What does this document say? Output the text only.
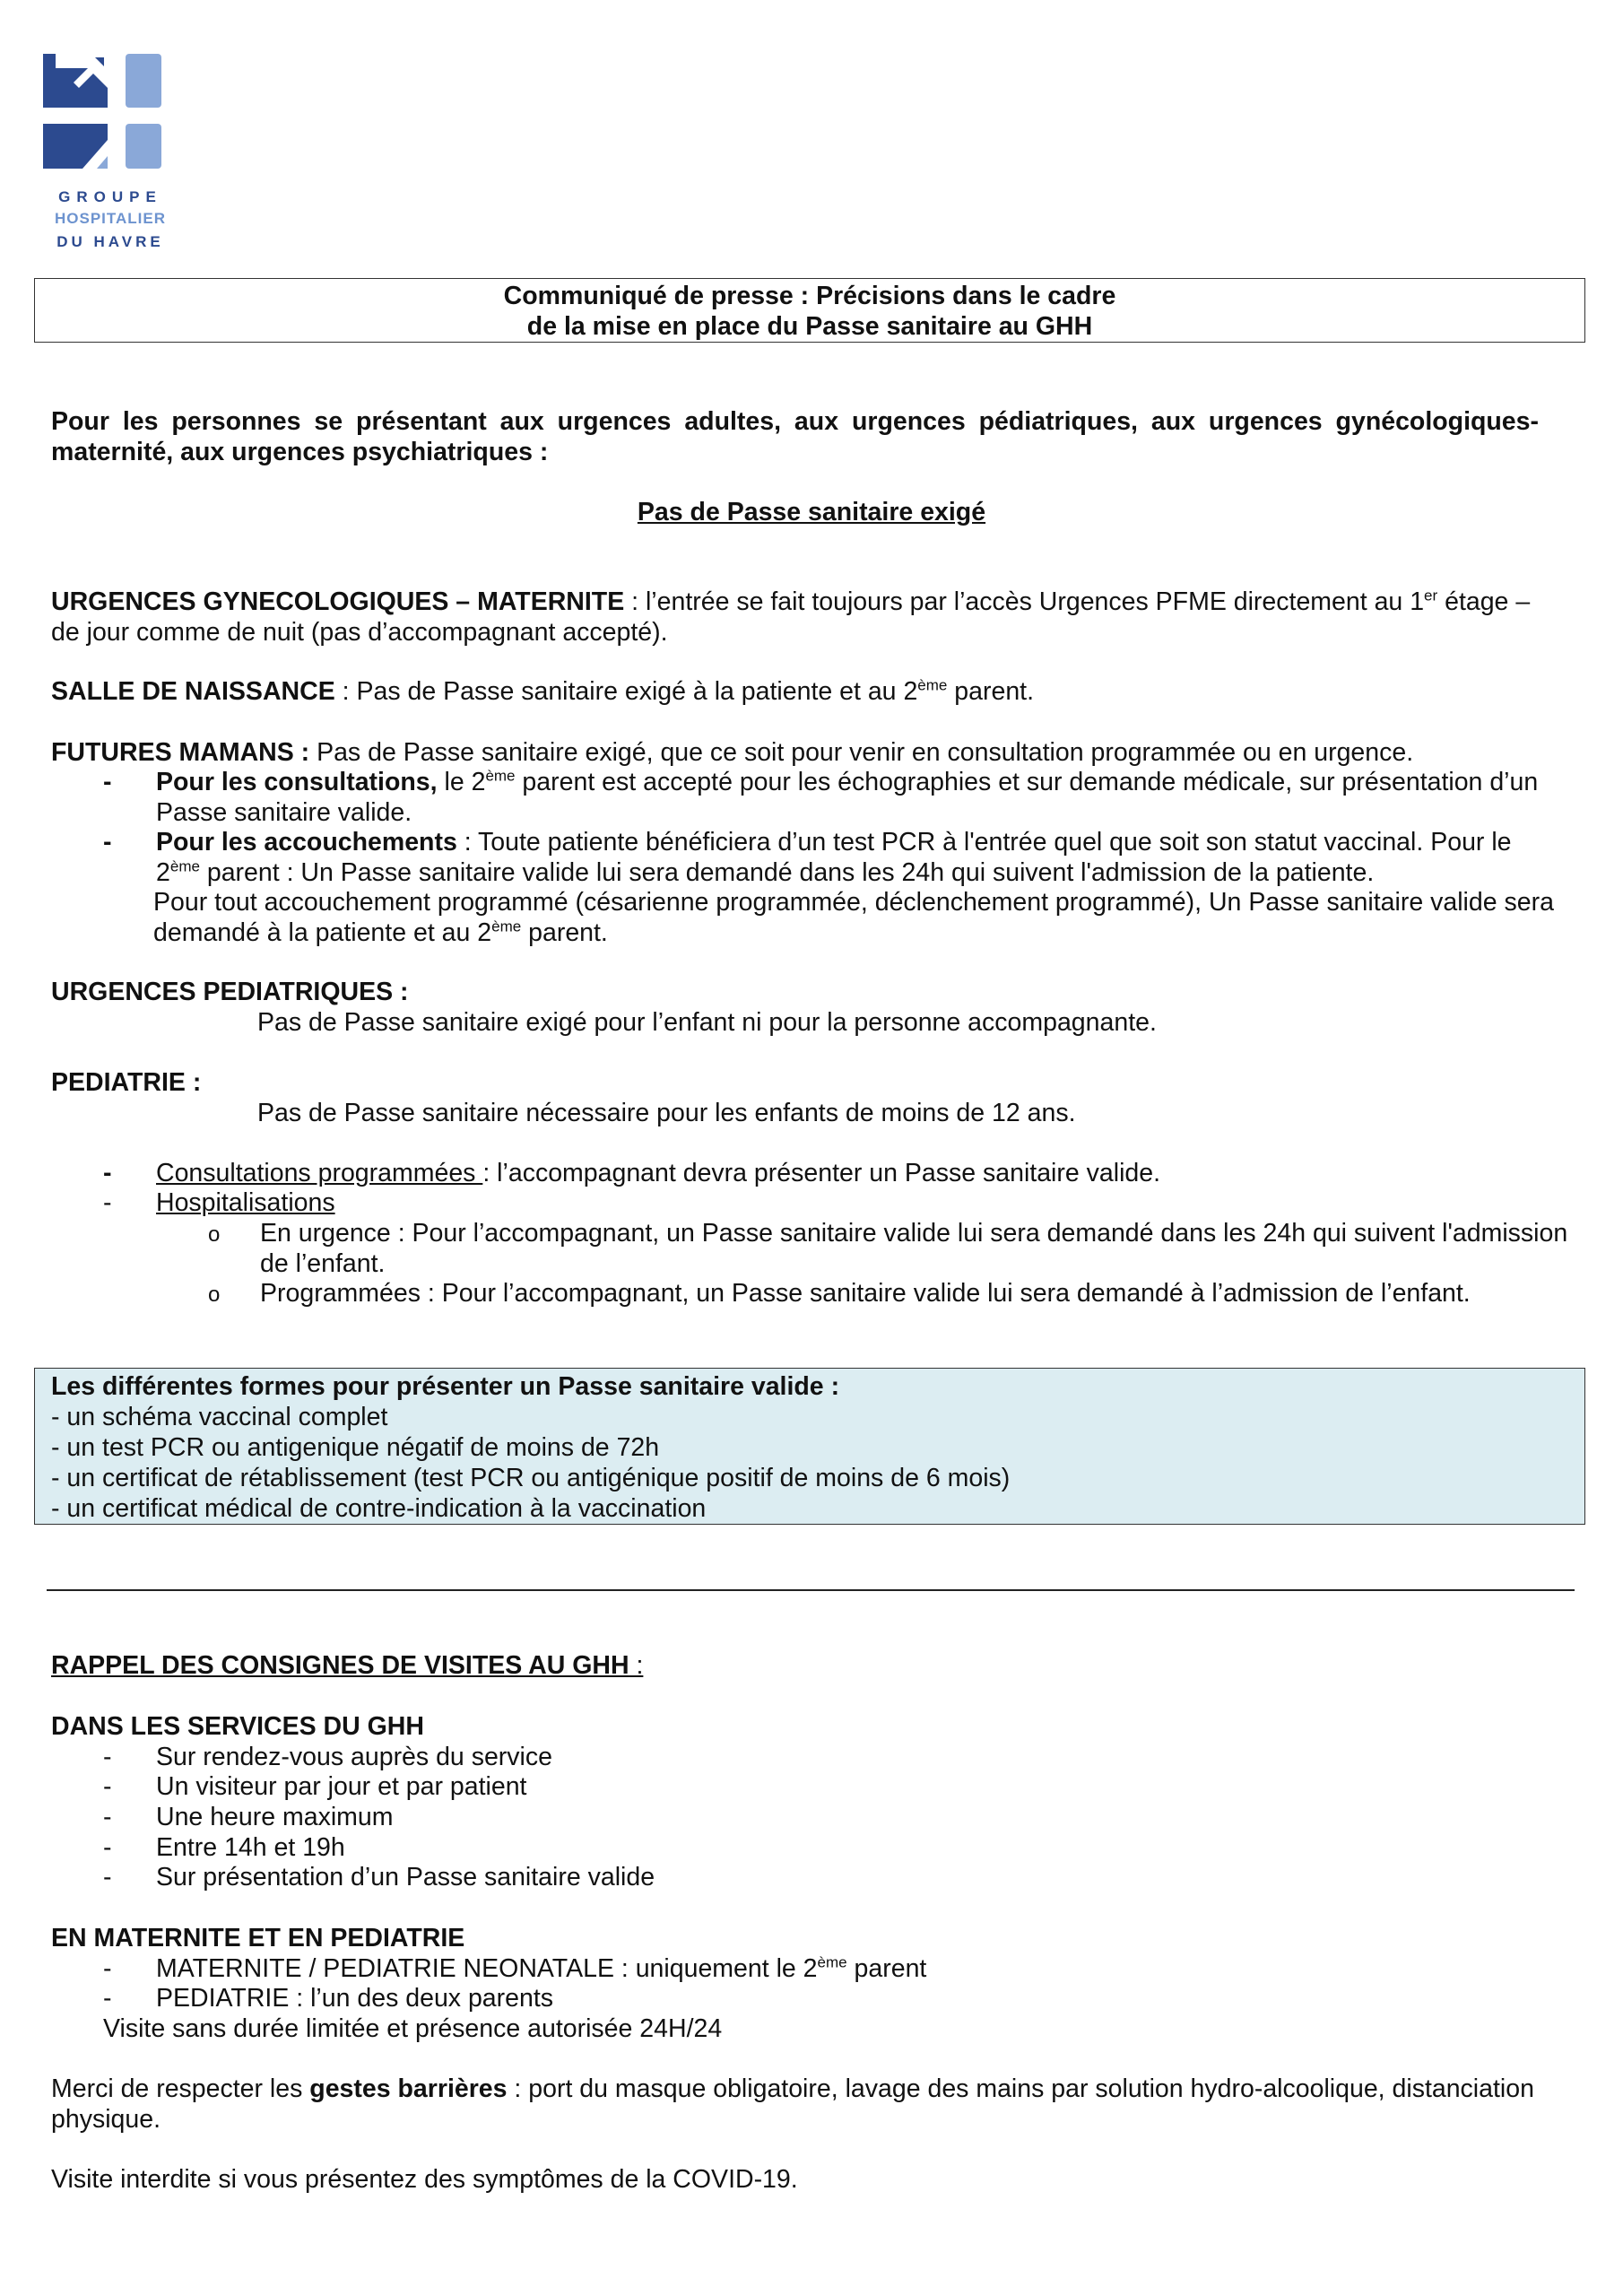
GROUPE
HOSPITALIER
DU HAVRE
Communiqué de presse : Précisions dans le cadre
de la mise en place du Passe sanitaire au GHH
Pour les personnes se présentant aux urgences adultes, aux urgences pédiatriques, aux urgences gynécologiques-
maternité, aux urgences psychiatriques :
Pas de Passe sanitaire exigé
URGENCES GYNECOLOGIQUES – MATERNITE : l’entrée se fait toujours par l’accès Urgences PFME directement au 1er étage –
de jour comme de nuit (pas d’accompagnant accepté).
SALLE DE NAISSANCE : Pas de Passe sanitaire exigé à la patiente et au 2ème parent.
FUTURES MAMANS : Pas de Passe sanitaire exigé, que ce soit pour venir en consultation programmée ou en urgence.
- Pour les consultations, le 2ème parent est accepté pour les échographies et sur demande médicale, sur présentation d’un
Passe sanitaire valide.
- Pour les accouchements : Toute patiente bénéficiera d’un test PCR à l'entrée quel que soit son statut vaccinal. Pour le
2ème parent : Un Passe sanitaire valide lui sera demandé dans les 24h qui suivent l'admission de la patiente.
Pour tout accouchement programmé (césarienne programmée, déclenchement programmé), Un Passe sanitaire valide sera
demandé à la patiente et au 2ème parent.
URGENCES PEDIATRIQUES :
Pas de Passe sanitaire exigé pour l’enfant ni pour la personne accompagnante.
PEDIATRIE :
Pas de Passe sanitaire nécessaire pour les enfants de moins de 12 ans.
- Consultations programmées : l’accompagnant devra présenter un Passe sanitaire valide.
- Hospitalisations
o En urgence : Pour l’accompagnant, un Passe sanitaire valide lui sera demandé dans les 24h qui suivent l'admission
de l’enfant.
o Programmées : Pour l’accompagnant, un Passe sanitaire valide lui sera demandé à l’admission de l’enfant.
Les différentes formes pour présenter un Passe sanitaire valide :
- un schéma vaccinal complet
- un test PCR ou antigenique négatif de moins de 72h
- un certificat de rétablissement (test PCR ou antigénique positif de moins de 6 mois)
- un certificat médical de contre-indication à la vaccination
RAPPEL DES CONSIGNES DE VISITES AU GHH :
DANS LES SERVICES DU GHH
- Sur rendez-vous auprès du service
- Un visiteur par jour et par patient
- Une heure maximum
- Entre 14h et 19h
- Sur présentation d’un Passe sanitaire valide
EN MATERNITE ET EN PEDIATRIE
- MATERNITE / PEDIATRIE NEONATALE : uniquement le 2ème parent
- PEDIATRIE : l’un des deux parents
Visite sans durée limitée et présence autorisée 24H/24
Merci de respecter les gestes barrières : port du masque obligatoire, lavage des mains par solution hydro-alcoolique, distanciation
physique.
Visite interdite si vous présentez des symptômes de la COVID-19.
